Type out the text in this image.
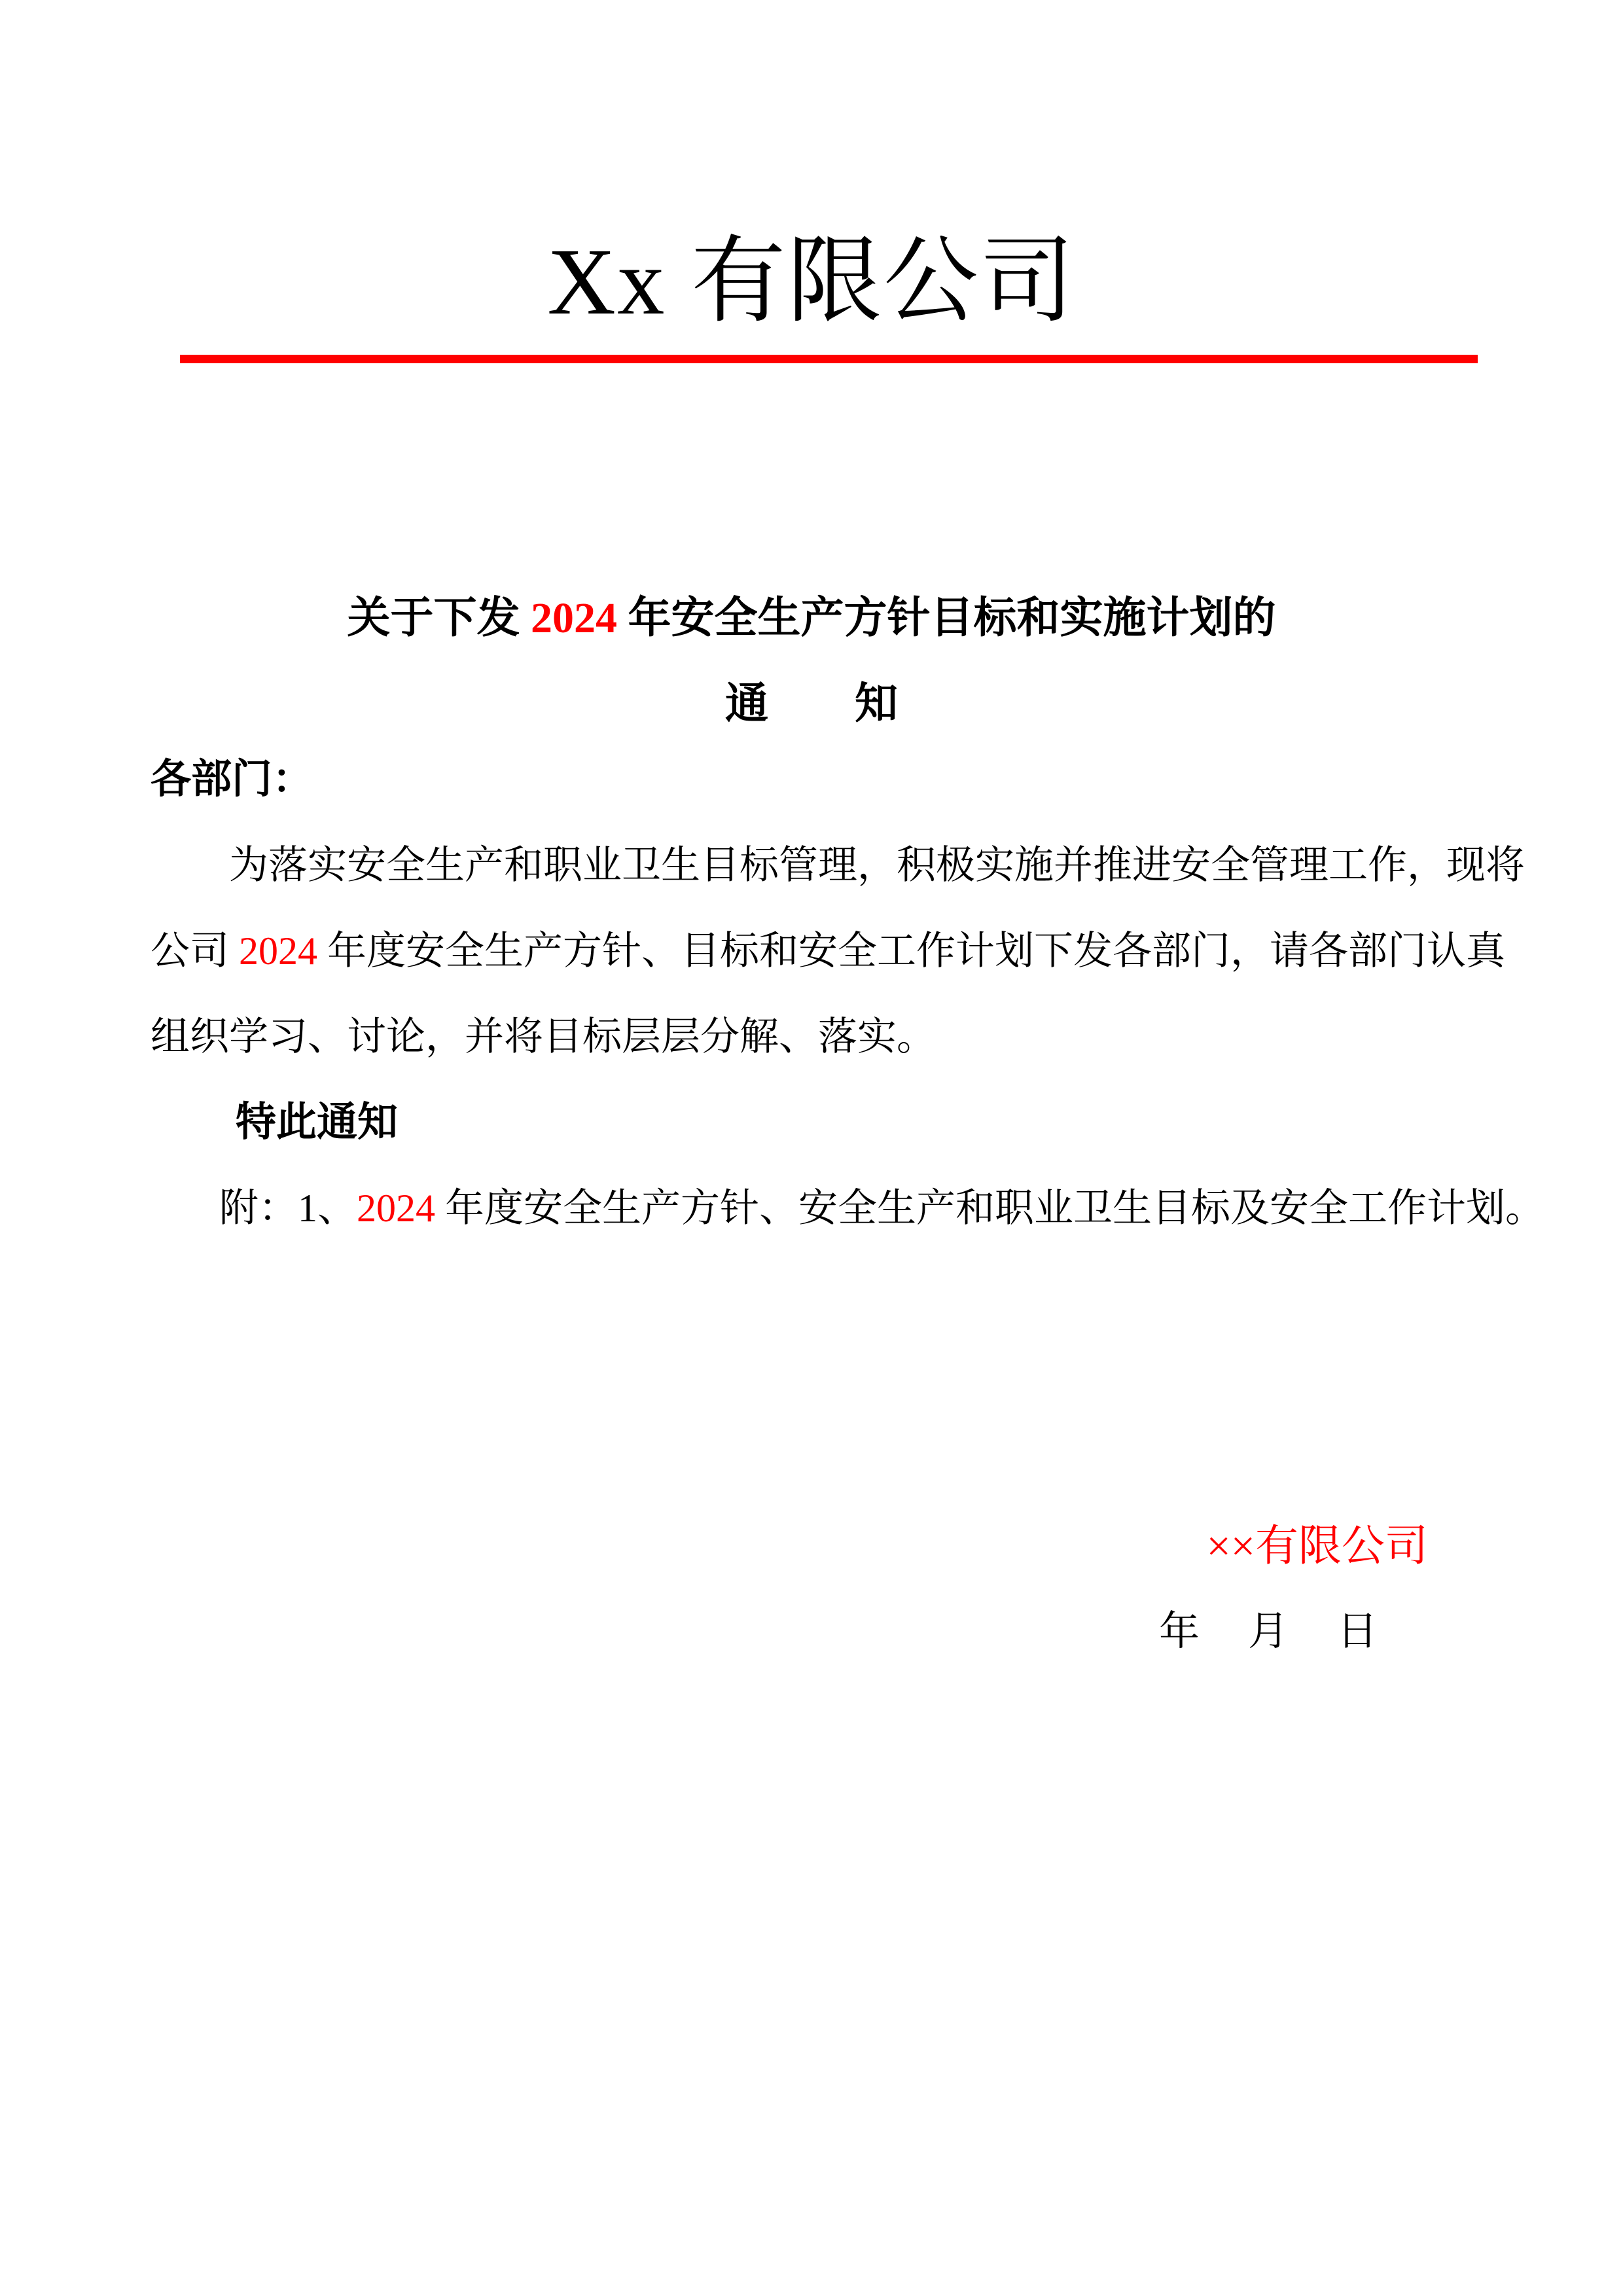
Xx 有限公司
关于下发 2024 年安全生产方针目标和实施计划的
通　　知

各部门：

为落实安全生产和职业卫生目标管理，积极实施并推进安全管理工作，现将

公司 2024 年度安全生产方针、目标和安全工作计划下发各部门，请各部门认真

组织学习、讨论，并将目标层层分解、落实。

特此通知

附：1、2024 年度安全生产方针、安全生产和职业卫生目标及安全工作计划。

××有限公司
年　月　日
